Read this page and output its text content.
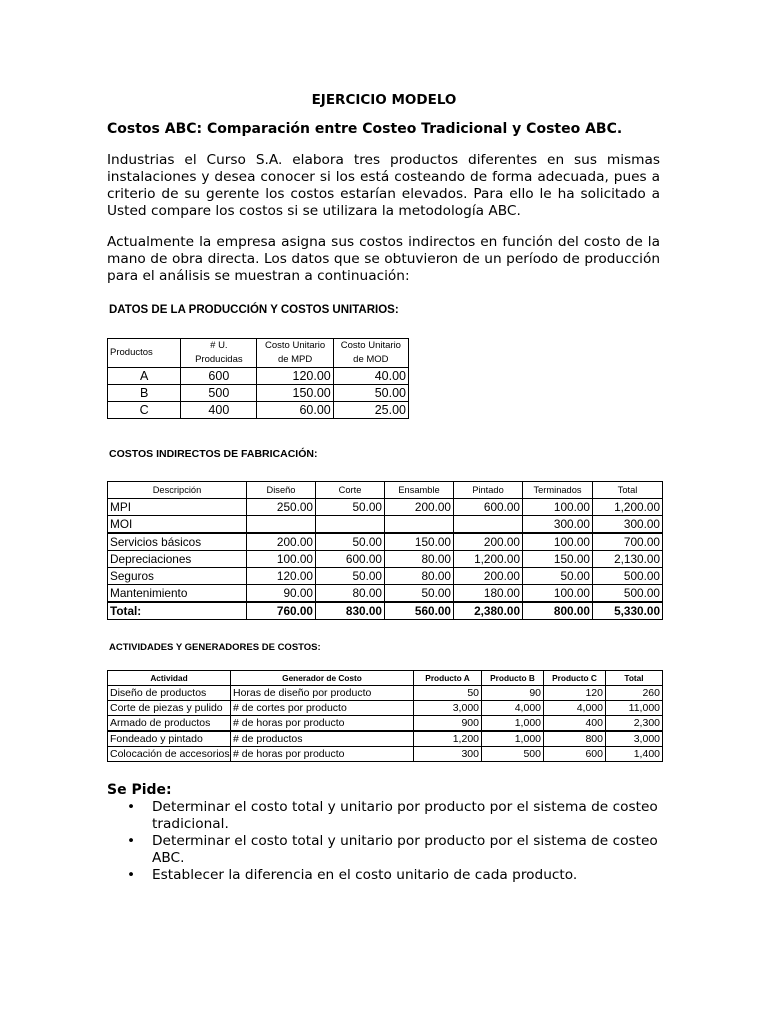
EJERCICIO MODELO
Costos ABC: Comparación entre Costeo Tradicional y Costeo ABC.
Industrias el Curso S.A. elabora tres productos diferentes en sus mismas instalaciones y desea conocer si los está costeando de forma adecuada, pues a criterio de su gerente los costos estarían elevados. Para ello le ha solicitado a Usted compare los costos si se utilizara la metodología ABC.
Actualmente la empresa asigna sus costos indirectos en función del costo de la mano de obra directa. Los datos que se obtuvieron de un período de producción para el análisis se muestran a continuación:
DATOS DE LA PRODUCCIÓN Y COSTOS UNITARIOS:
Productos	# U.	Costo Unitario	Costo Unitario
	Producidas	de MPD	de MOD
A	600	120.00	40.00
B	500	150.00	50.00
C	400	60.00	25.00
COSTOS INDIRECTOS DE FABRICACIÓN:
Descripción	Diseño	Corte	Ensamble	Pintado	Terminados	Total
MPI	250.00	50.00	200.00	600.00	100.00	1,200.00
MOI					300.00	300.00
Servicios básicos	200.00	50.00	150.00	200.00	100.00	700.00
Depreciaciones	100.00	600.00	80.00	1,200.00	150.00	2,130.00
Seguros	120.00	50.00	80.00	200.00	50.00	500.00
Mantenimiento	90.00	80.00	50.00	180.00	100.00	500.00
Total:	760.00	830.00	560.00	2,380.00	800.00	5,330.00
ACTIVIDADES Y GENERADORES DE COSTOS:
Actividad	Generador de Costo	Producto A	Producto B	Producto C	Total
Diseño de productos	Horas de diseño por producto	50	90	120	260
Corte de piezas y pulido	# de cortes por producto	3,000	4,000	4,000	11,000
Armado de productos	# de horas por producto	900	1,000	400	2,300
Fondeado y pintado	# de productos	1,200	1,000	800	3,000
Colocación de accesorios	# de horas por producto	300	500	600	1,400
Se Pide:
• Determinar el costo total y unitario por producto por el sistema de costeo tradicional.
• Determinar el costo total y unitario por producto por el sistema de costeo ABC.
• Establecer la diferencia en el costo unitario de cada producto.
